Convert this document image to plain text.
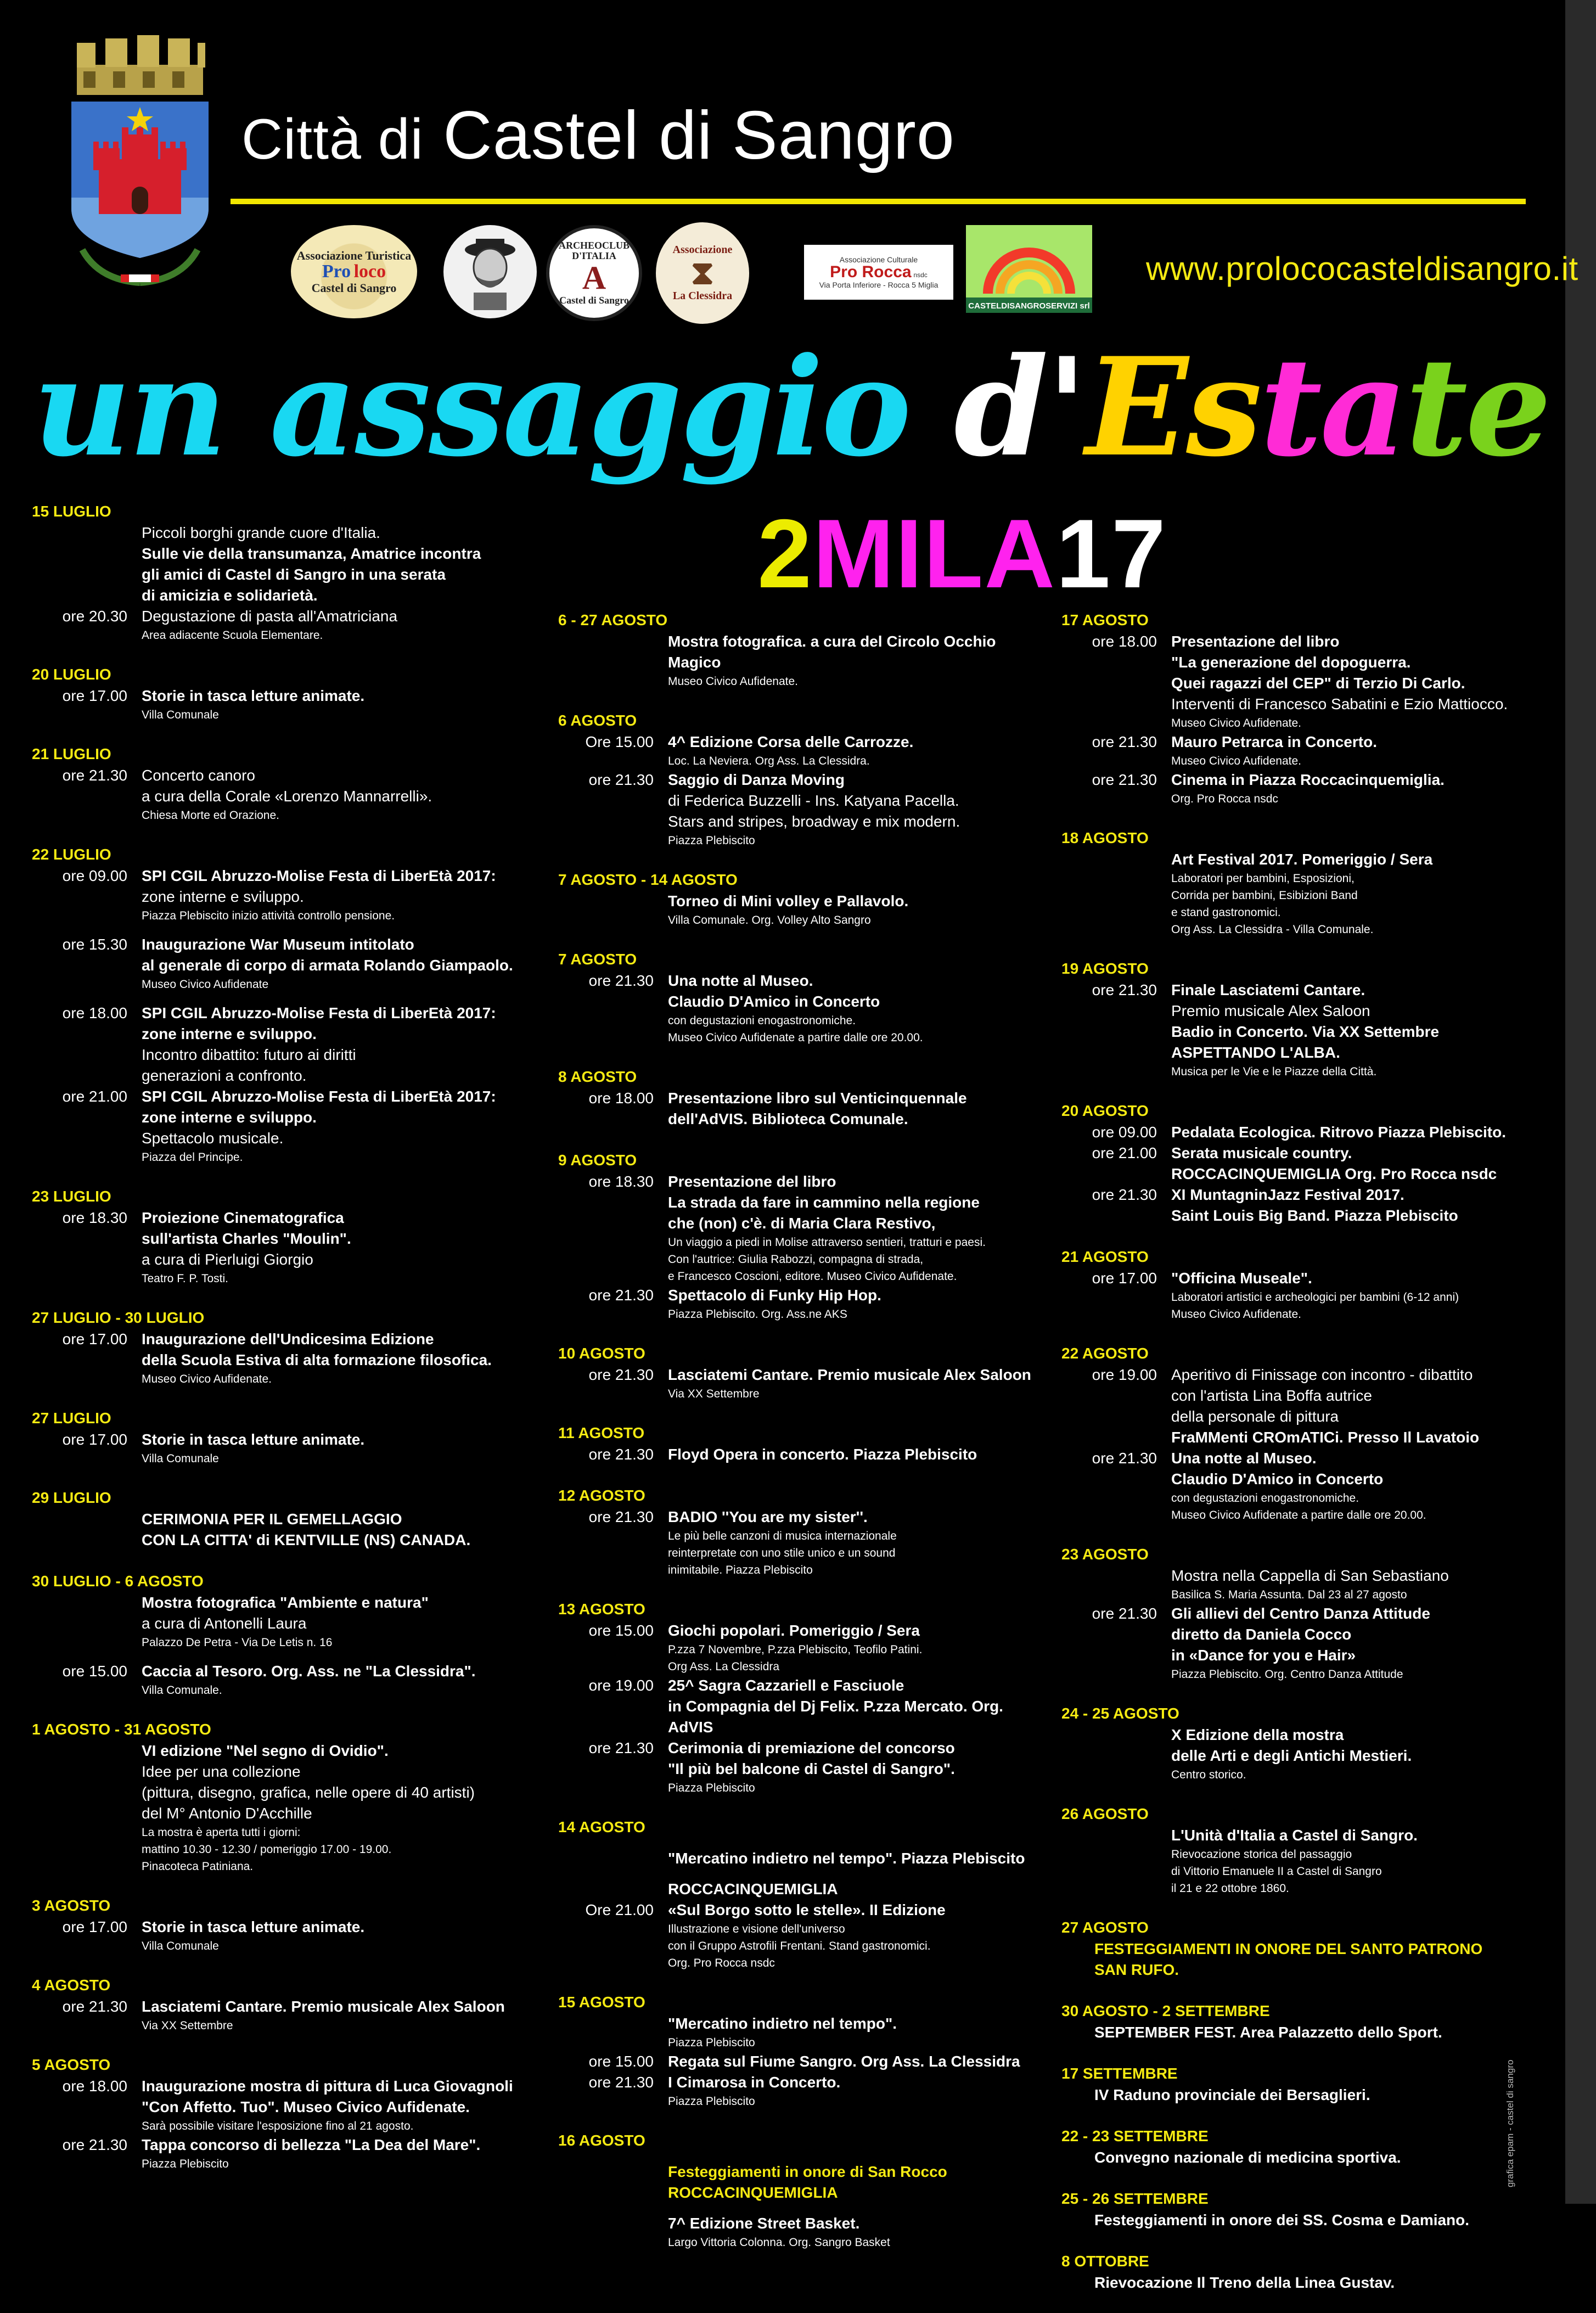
Città di Castel di Sangro
Associazione Turistica
Pro loco
Castel di Sangro
ARCHEOCLUB D'ITALIA
A
Castel di Sangro
Associazione
⧗
La Clessidra
Associazione Culturale
Pro Rocca nsdc
Via Porta Inferiore - Rocca 5 Miglia
CASTELDISANGROSERVIZI srl
www.prolococasteldisangro.it
un assaggio d'Estate
2MILA17
15 LUGLIO
Piccoli borghi grande cuore d'Italia.
Sulle vie della transumanza, Amatrice incontra
gli amici di Castel di Sangro in una serata
di amicizia e solidarietà.
ore 20.30 Degustazione di pasta all'Amatriciana
Area adiacente Scuola Elementare.
20 LUGLIO
ore 17.00 Storie in tasca letture animate.
Villa Comunale
21 LUGLIO
ore 21.30 Concerto canoro
a cura della Corale «Lorenzo Mannarrelli».
Chiesa Morte ed Orazione.
22 LUGLIO
ore 09.00 SPI CGIL Abruzzo-Molise Festa di LiberEtà 2017:
zone interne e sviluppo.
Piazza Plebiscito inizio attività controllo pensione.
ore 15.30 Inaugurazione War Museum intitolato
al generale di corpo di armata Rolando Giampaolo.
Museo Civico Aufidenate
ore 18.00 SPI CGIL Abruzzo-Molise Festa di LiberEtà 2017:
zone interne e sviluppo.
Incontro dibattito: futuro ai diritti
generazioni a confronto.
ore 21.00 SPI CGIL Abruzzo-Molise Festa di LiberEtà 2017:
zone interne e sviluppo.
Spettacolo musicale.
Piazza del Principe.
23 LUGLIO
ore 18.30 Proiezione Cinematografica
sull'artista Charles "Moulin".
a cura di Pierluigi Giorgio
Teatro F. P. Tosti.
27 LUGLIO - 30 LUGLIO
ore 17.00 Inaugurazione dell'Undicesima Edizione
della Scuola Estiva di alta formazione filosofica.
Museo Civico Aufidenate.
27 LUGLIO
ore 17.00 Storie in tasca letture animate.
Villa Comunale
29 LUGLIO
CERIMONIA PER IL GEMELLAGGIO
CON LA CITTA' di KENTVILLE (NS) CANADA.
30 LUGLIO - 6 AGOSTO
Mostra fotografica "Ambiente e natura"
a cura di Antonelli Laura
Palazzo De Petra - Via De Letis n. 16
ore 15.00 Caccia al Tesoro. Org. Ass. ne "La Clessidra".
Villa Comunale.
1 AGOSTO - 31 AGOSTO
VI edizione "Nel segno di Ovidio".
Idee per una collezione
(pittura, disegno, grafica, nelle opere di 40 artisti)
del M° Antonio D'Acchille
La mostra è aperta tutti i giorni:
mattino 10.30 - 12.30 / pomeriggio 17.00 - 19.00.
Pinacoteca Patiniana.
3 AGOSTO
ore 17.00 Storie in tasca letture animate.
Villa Comunale
4 AGOSTO
ore 21.30 Lasciatemi Cantare. Premio musicale Alex Saloon
Via XX Settembre
5 AGOSTO
ore 18.00 Inaugurazione mostra di pittura di Luca Giovagnoli
"Con Affetto. Tuo". Museo Civico Aufidenate.
Sarà possibile visitare l'esposizione fino al 21 agosto.
ore 21.30 Tappa concorso di bellezza "La Dea del Mare".
Piazza Plebiscito
6 - 27 AGOSTO
Mostra fotografica. a cura del Circolo Occhio Magico
Museo Civico Aufidenate.
6 AGOSTO
Ore 15.00 4^ Edizione Corsa delle Carrozze.
Loc. La Neviera. Org Ass. La Clessidra.
ore 21.30 Saggio di Danza Moving
di Federica Buzzelli - Ins. Katyana Pacella.
Stars and stripes, broadway e mix modern.
Piazza Plebiscito
7 AGOSTO - 14 AGOSTO
Torneo di Mini volley e Pallavolo.
Villa Comunale. Org. Volley Alto Sangro
7 AGOSTO
ore 21.30 Una notte al Museo.
Claudio D'Amico in Concerto
con degustazioni enogastronomiche.
Museo Civico Aufidenate a partire dalle ore 20.00.
8 AGOSTO
ore 18.00 Presentazione libro sul Venticinquennale
dell'AdVIS. Biblioteca Comunale.
9 AGOSTO
ore 18.30 Presentazione del libro
La strada da fare in cammino nella regione
che (non) c'è. di Maria Clara Restivo,
Un viaggio a piedi in Molise attraverso sentieri, tratturi e paesi.
Con l'autrice: Giulia Rabozzi, compagna di strada,
e Francesco Coscioni, editore. Museo Civico Aufidenate.
ore 21.30 Spettacolo di Funky Hip Hop.
Piazza Plebiscito. Org. Ass.ne AKS
10 AGOSTO
ore 21.30 Lasciatemi Cantare. Premio musicale Alex Saloon
Via XX Settembre
11 AGOSTO
ore 21.30 Floyd Opera in concerto. Piazza Plebiscito
12 AGOSTO
ore 21.30 BADIO ''You are my sister''.
Le più belle canzoni di musica internazionale
reinterpretate con uno stile unico e un sound
inimitabile. Piazza Plebiscito
13 AGOSTO
ore 15.00 Giochi popolari. Pomeriggio / Sera
P.zza 7 Novembre, P.zza Plebiscito, Teofilo Patini.
Org Ass. La Clessidra
ore 19.00 25^ Sagra Cazzariell e Fasciuole
in Compagnia del Dj Felix. P.zza Mercato. Org. AdVIS
ore 21.30 Cerimonia di premiazione del concorso
"Il più bel balcone di Castel di Sangro".
Piazza Plebiscito
14 AGOSTO
"Mercatino indietro nel tempo". Piazza Plebiscito
ROCCACINQUEMIGLIA
Ore 21.00 «Sul Borgo sotto le stelle». II Edizione
Illustrazione e visione dell'universo
con il Gruppo Astrofili Frentani. Stand gastronomici.
Org. Pro Rocca nsdc
15 AGOSTO
"Mercatino indietro nel tempo".
Piazza Plebiscito
ore 15.00 Regata sul Fiume Sangro. Org Ass. La Clessidra
ore 21.30 I Cimarosa in Concerto.
Piazza Plebiscito
16 AGOSTO
Festeggiamenti in onore di San Rocco
ROCCACINQUEMIGLIA
7^ Edizione Street Basket.
Largo Vittoria Colonna. Org. Sangro Basket
17 AGOSTO
ore 18.00 Presentazione del libro
"La generazione del dopoguerra.
Quei ragazzi del CEP" di Terzio Di Carlo.
Interventi di Francesco Sabatini e Ezio Mattiocco.
Museo Civico Aufidenate.
ore 21.30 Mauro Petrarca in Concerto.
Museo Civico Aufidenate.
ore 21.30 Cinema in Piazza Roccacinquemiglia.
Org. Pro Rocca nsdc
18 AGOSTO
Art Festival 2017. Pomeriggio / Sera
Laboratori per bambini, Esposizioni,
Corrida per bambini, Esibizioni Band
e stand gastronomici.
Org Ass. La Clessidra - Villa Comunale.
19 AGOSTO
ore 21.30 Finale Lasciatemi Cantare.
Premio musicale Alex Saloon
Badio in Concerto. Via XX Settembre
ASPETTANDO L'ALBA.
Musica per le Vie e le Piazze della Città.
20 AGOSTO
ore 09.00 Pedalata Ecologica. Ritrovo Piazza Plebiscito.
ore 21.00 Serata musicale country.
ROCCACINQUEMIGLIA Org. Pro Rocca nsdc
ore 21.30 XI MuntagninJazz Festival 2017.
Saint Louis Big Band. Piazza Plebiscito
21 AGOSTO
ore 17.00 "Officina Museale".
Laboratori artistici e archeologici per bambini (6-12 anni)
Museo Civico Aufidenate.
22 AGOSTO
ore 19.00 Aperitivo di Finissage con incontro - dibattito
con l'artista Lina Boffa autrice
della personale di pittura
FraMMenti CROmATICi. Presso Il Lavatoio
ore 21.30 Una notte al Museo.
Claudio D'Amico in Concerto
con degustazioni enogastronomiche.
Museo Civico Aufidenate a partire dalle ore 20.00.
23 AGOSTO
Mostra nella Cappella di San Sebastiano
Basilica S. Maria Assunta. Dal 23 al 27 agosto
ore 21.30 Gli allievi del Centro Danza Attitude
diretto da Daniela Cocco
in «Dance for you e Hair»
Piazza Plebiscito. Org. Centro Danza Attitude
24 - 25 AGOSTO
X Edizione della mostra
delle Arti e degli Antichi Mestieri.
Centro storico.
26 AGOSTO
L'Unità d'Italia a Castel di Sangro.
Rievocazione storica del passaggio
di Vittorio Emanuele II a Castel di Sangro
il 21 e 22 ottobre 1860.
27 AGOSTO
FESTEGGIAMENTI IN ONORE DEL SANTO PATRONO
SAN RUFO.
30 AGOSTO - 2 SETTEMBRE
SEPTEMBER FEST. Area Palazzetto dello Sport.
17 SETTEMBRE
IV Raduno provinciale dei Bersaglieri.
22 - 23 SETTEMBRE
Convegno nazionale di medicina sportiva.
25 - 26 SETTEMBRE
Festeggiamenti in onore dei SS. Cosma e Damiano.
8 OTTOBRE
Rievocazione Il Treno della Linea Gustav.
grafica epam - castel di sangro
